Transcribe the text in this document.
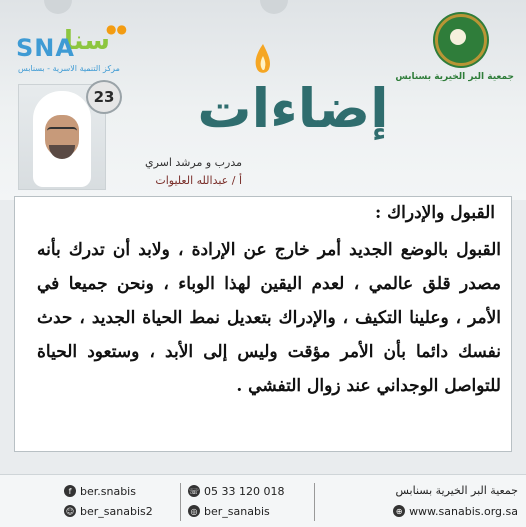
●●
سنا
SNA
مركز التنمية الاسرية - بسنابس
جمعية البر الخيرية بسنابس
إضاءات
23
مدرب و مرشد اسري
أ / عبدالله العليوات
القبول والإدراك :
القبول بالوضع الجديد أمر خارج عن الإرادة ، ولابد أن تدرك بأنه مصدر قلق عالمي ، لعدم اليقين لهذا الوباء ، ونحن جميعا في الأمر ، وعلينا التكيف ، والإدراك بتعديل نمط الحياة الجديد ، حدث نفسك دائما بأن الأمر مؤقت وليس إلى الأبد ، وستعود الحياة للتواصل الوجداني عند زوال التفشي .
f ber.snabis
☺ ber_sanabis2
☏ 05 33 120 018
◎ ber_sanabis
جمعية البر الخيرية بسنابس
⊕ www.sanabis.org.sa
